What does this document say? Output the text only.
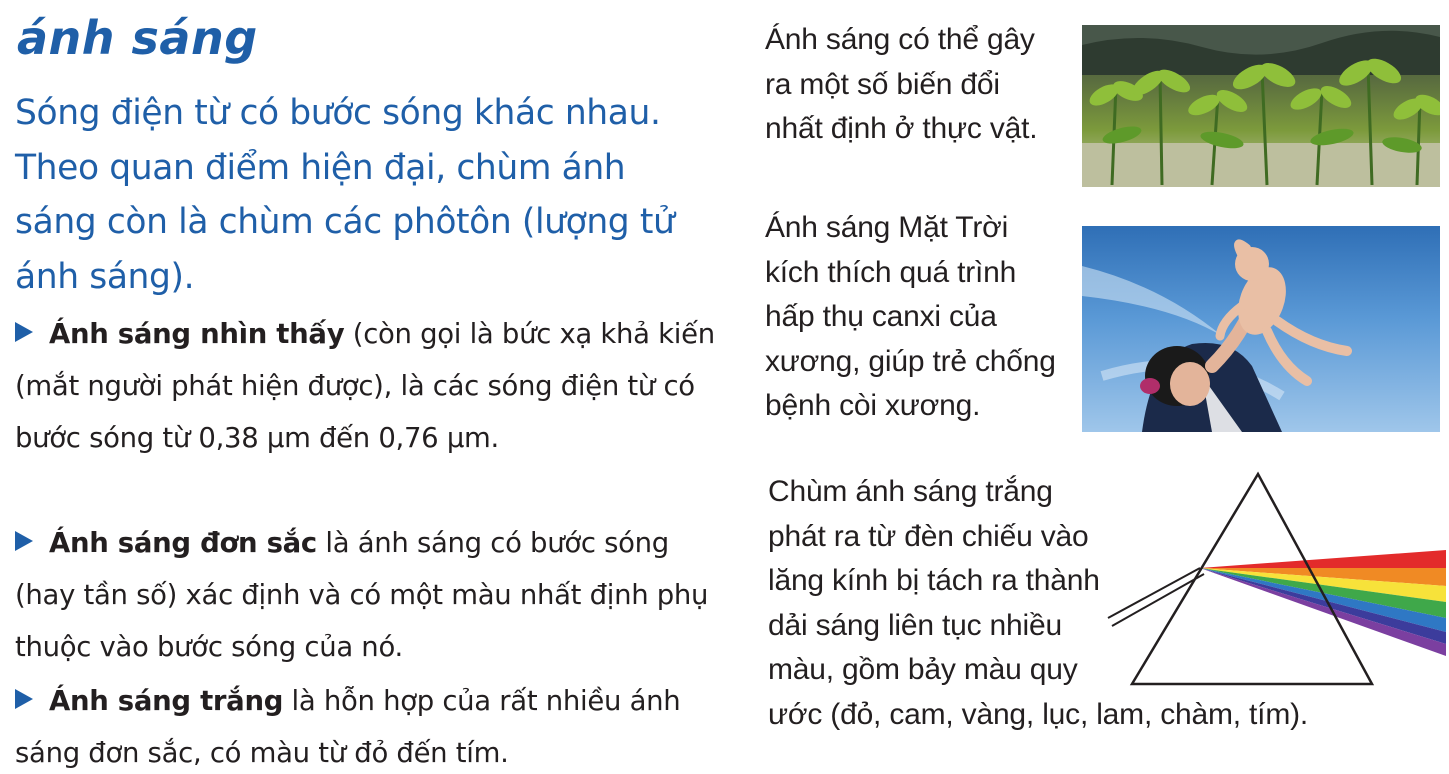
ánh sáng

Sóng điện từ có bước sóng khác nhau. Theo quan điểm hiện đại, chùm ánh sáng còn là chùm các phôtôn (lượng tử ánh sáng).

Ánh sáng nhìn thấy (còn gọi là bức xạ khả kiến (mắt người phát hiện được), là các sóng điện từ có bước sóng từ 0,38 μm đến 0,76 μm.

Ánh sáng đơn sắc là ánh sáng có bước sóng (hay tần số) xác định và có một màu nhất định phụ thuộc vào bước sóng của nó.

Ánh sáng trắng là hỗn hợp của rất nhiều ánh sáng đơn sắc, có màu từ đỏ đến tím.

Ánh sáng có thể gây
ra một số biến đổi
nhất định ở thực vật.

Ánh sáng Mặt Trời
kích thích quá trình
hấp thụ canxi của
xương, giúp trẻ chống
bệnh còi xương.

Chùm ánh sáng trắng
phát ra từ đèn chiếu vào
lăng kính bị tách ra thành
dải sáng liên tục nhiều
màu, gồm bảy màu quy
ước (đỏ, cam, vàng, lục, lam, chàm, tím).
